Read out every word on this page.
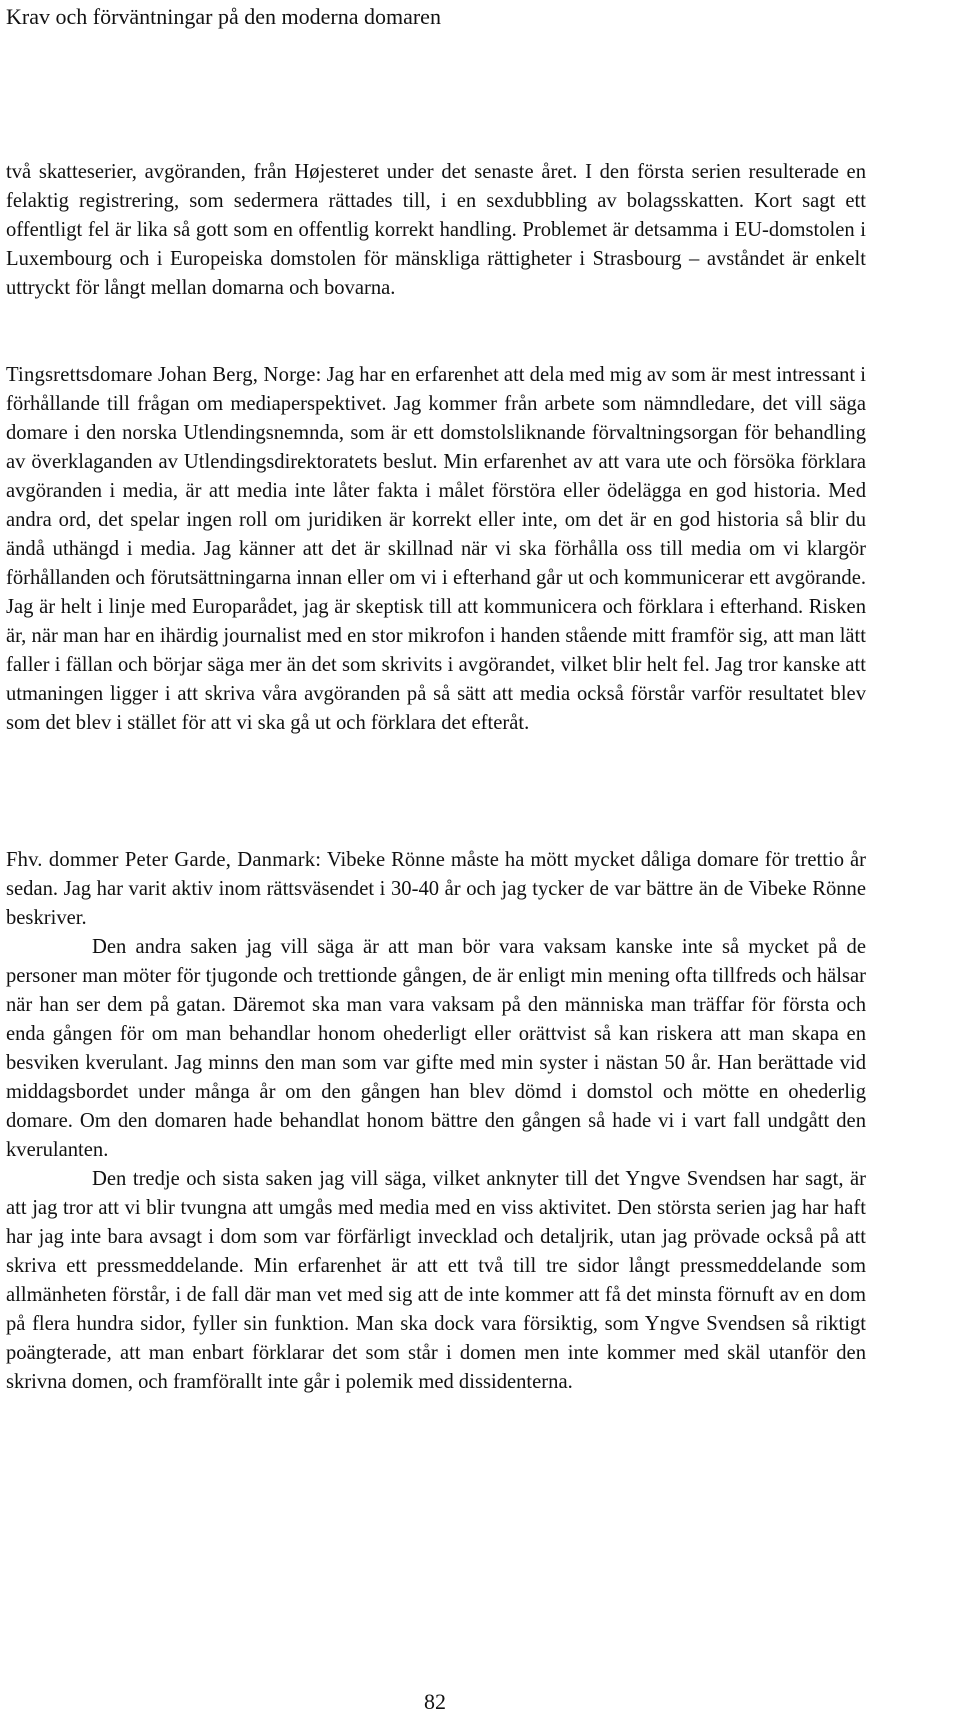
Krav och förväntningar på den moderna domaren

två skatteserier, avgöranden, från Højesteret under det senaste året. I den första serien resulterade en felaktig registrering, som sedermera rättades till, i en sexdubbling av bolagsskatten. Kort sagt ett offentligt fel är lika så gott som en offentlig korrekt handling. Problemet är detsamma i EU-domstolen i Luxembourg och i Europeiska domstolen för mänskliga rättigheter i Strasbourg – avståndet är enkelt uttryckt för långt mellan domarna och bovarna.

Tingsrettsdomare Johan Berg, Norge: Jag har en erfarenhet att dela med mig av som är mest intressant i förhållande till frågan om mediaperspektivet. Jag kommer från arbete som nämndledare, det vill säga domare i den norska Utlendingsnemnda, som är ett domstolsliknande förvaltningsorgan för behandling av överklaganden av Utlendingsdirektoratets beslut. Min erfarenhet av att vara ute och försöka förklara avgöranden i media, är att media inte låter fakta i målet förstöra eller ödelägga en god historia. Med andra ord, det spelar ingen roll om juridiken är korrekt eller inte, om det är en god historia så blir du ändå uthängd i media. Jag känner att det är skillnad när vi ska förhålla oss till media om vi klargör förhållanden och förutsättningarna innan eller om vi i efterhand går ut och kommunicerar ett avgörande. Jag är helt i linje med Europarådet, jag är skeptisk till att kommunicera och förklara i efterhand. Risken är, när man har en ihärdig journalist med en stor mikrofon i handen stående mitt framför sig, att man lätt faller i fällan och börjar säga mer än det som skrivits i avgörandet, vilket blir helt fel. Jag tror kanske att utmaningen ligger i att skriva våra avgöranden på så sätt att media också förstår varför resultatet blev som det blev i stället för att vi ska gå ut och förklara det efteråt.

Fhv. dommer Peter Garde, Danmark: Vibeke Rönne måste ha mött mycket dåliga domare för trettio år sedan. Jag har varit aktiv inom rättsväsendet i 30-40 år och jag tycker de var bättre än de Vibeke Rönne beskriver.

Den andra saken jag vill säga är att man bör vara vaksam kanske inte så mycket på de personer man möter för tjugonde och trettionde gången, de är enligt min mening ofta tillfreds och hälsar när han ser dem på gatan. Däremot ska man vara vaksam på den människa man träffar för första och enda gången för om man behandlar honom ohederligt eller orättvist så kan riskera att man skapa en besviken kverulant. Jag minns den man som var gifte med min syster i nästan 50 år. Han berättade vid middagsbordet under många år om den gången han blev dömd i domstol och mötte en ohederlig domare. Om den domaren hade behandlat honom bättre den gången så hade vi i vart fall undgått den kverulanten.

Den tredje och sista saken jag vill säga, vilket anknyter till det Yngve Svendsen har sagt, är att jag tror att vi blir tvungna att umgås med media med en viss aktivitet. Den största serien jag har haft har jag inte bara avsagt i dom som var förfärligt invecklad och detaljrik, utan jag prövade också på att skriva ett pressmeddelande. Min erfarenhet är att ett två till tre sidor långt pressmeddelande som allmänheten förstår, i de fall där man vet med sig att de inte kommer att få det minsta förnuft av en dom på flera hundra sidor, fyller sin funktion. Man ska dock vara försiktig, som Yngve Svendsen så riktigt poängterade, att man enbart förklarar det som står i domen men inte kommer med skäl utanför den skrivna domen, och framförallt inte går i polemik med dissidenterna.

82
